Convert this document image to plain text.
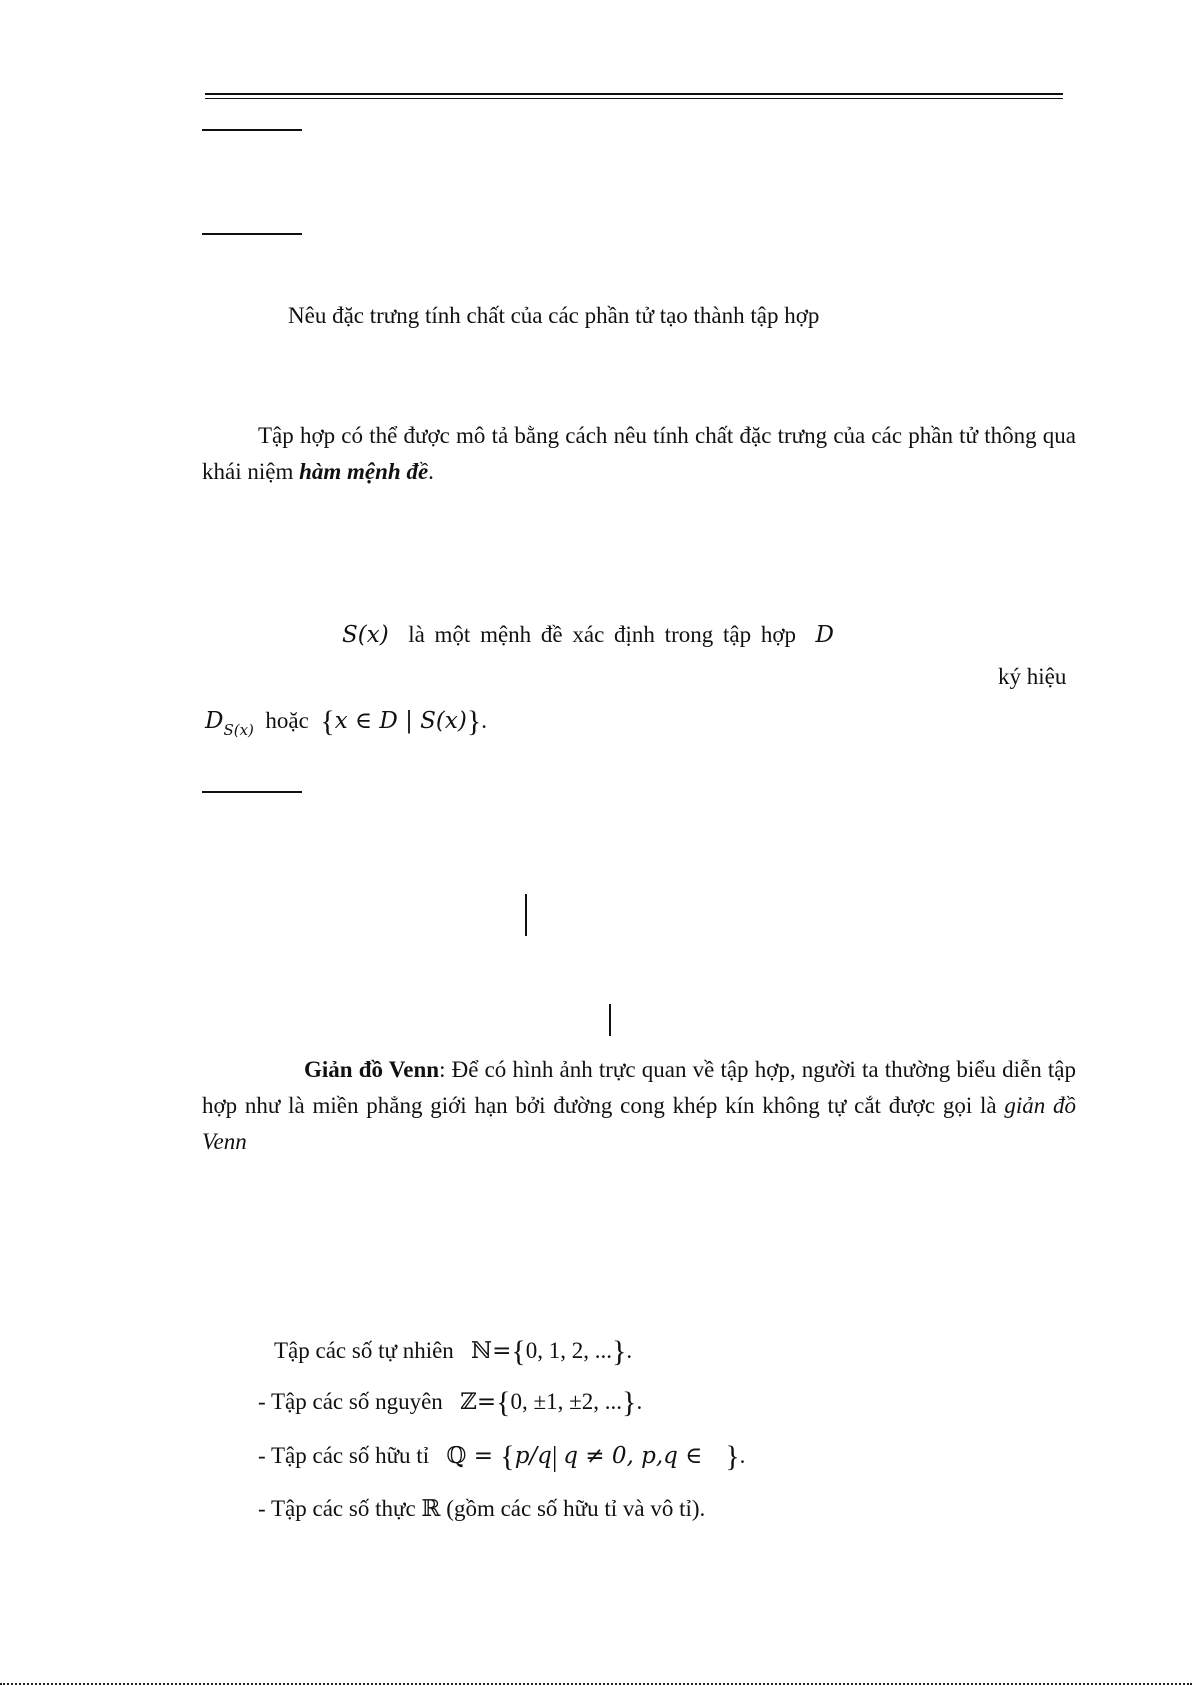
Nêu đặc trưng tính chất của các phần tử tạo thành tập hợp
Tập hợp có thể được mô tả bằng cách nêu tính chất đặc trưng của các phần tử thông qua khái niệm hàm mệnh đề.
S(x) là một mệnh đề xác định trong tập hợp D
ký hiệu
$D_{S(x)}$ hoặc {x ∈ D | S(x)}.
Giản đồ Venn: Để có hình ảnh trực quan về tập hợp, người ta thường biểu diễn tập hợp như là miền phẳng giới hạn bởi đường cong khép kín không tự cắt được gọi là giản đồ Venn
Tập các số tự nhiên ℕ={0, 1, 2, ...}.
- Tập các số nguyên ℤ={0, ±1, ±2, ...}.
- Tập các số hữu tỉ ℚ = {p/q| q ≠ 0, p,q ∈ }.
- Tập các số thực ℝ (gồm các số hữu tỉ và vô tỉ).
